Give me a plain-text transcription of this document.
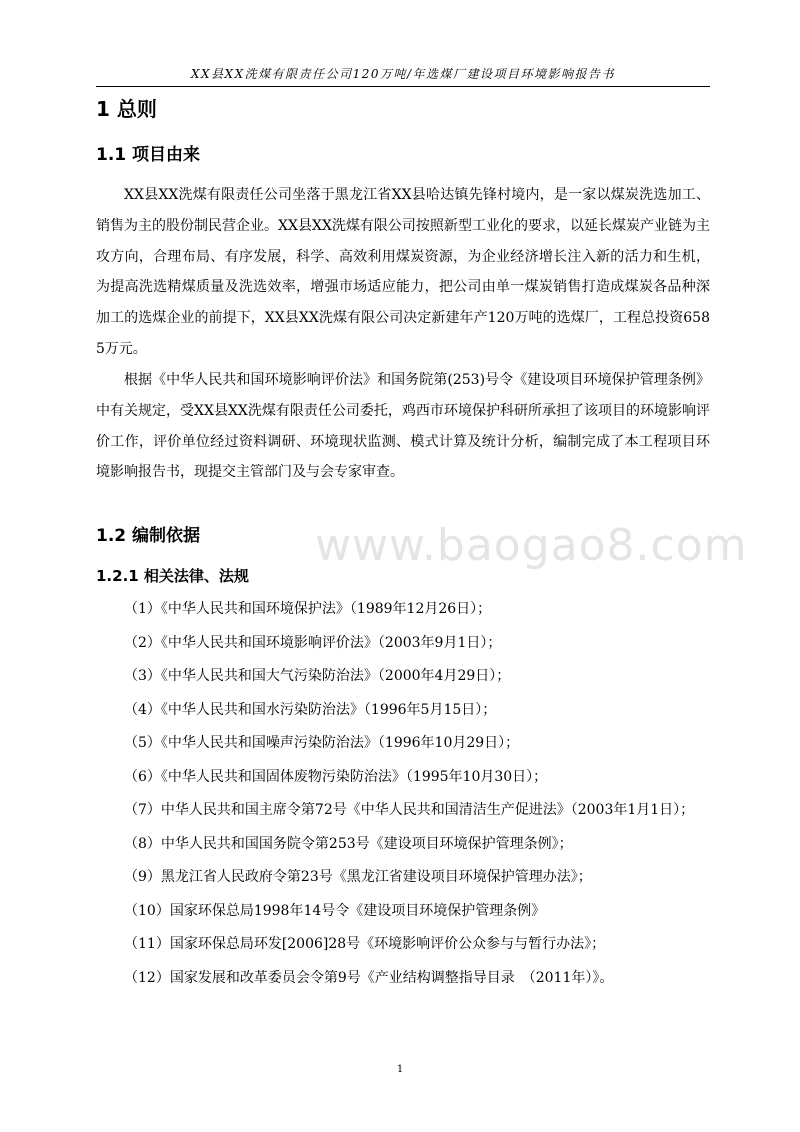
XX县XX洗煤有限责任公司120万吨/年选煤厂建设项目环境影响报告书
1 总则
1.1 项目由来

XX县XX洗煤有限责任公司坐落于黑龙江省XX县哈达镇先锋村境内，是一家以煤炭洗选加工、销售为主的股份制民营企业。XX县XX洗煤有限公司按照新型工业化的要求，以延长煤炭产业链为主攻方向，合理布局、有序发展，科学、高效利用煤炭资源，为企业经济增长注入新的活力和生机，为提高洗选精煤质量及洗选效率，增强市场适应能力，把公司由单一煤炭销售打造成煤炭各品种深加工的选煤企业的前提下，XX县XX洗煤有限公司决定新建年产120万吨的选煤厂，工程总投资6585万元。

根据《中华人民共和国环境影响评价法》和国务院第(253)号令《建设项目环境保护管理条例》中有关规定，受XX县XX洗煤有限责任公司委托，鸡西市环境保护科研所承担了该项目的环境影响评价工作，评价单位经过资料调研、环境现状监测、模式计算及统计分析，编制完成了本工程项目环境影响报告书，现提交主管部门及与会专家审查。

www.baogao8.com
1.2 编制依据
1.2.1 相关法律、法规
（1）《中华人民共和国环境保护法》（1989年12月26日）；
（2）《中华人民共和国环境影响评价法》（2003年9月1日）；
（3）《中华人民共和国大气污染防治法》（2000年4月29日）；
（4）《中华人民共和国水污染防治法》（1996年5月15日）；
（5）《中华人民共和国噪声污染防治法》（1996年10月29日）；
（6）《中华人民共和国固体废物污染防治法》（1995年10月30日）；
（7）中华人民共和国主席令第72号《中华人民共和国清洁生产促进法》（2003年1月1日）；
（8）中华人民共和国国务院令第253号《建设项目环境保护管理条例》；
（9）黑龙江省人民政府令第23号《黑龙江省建设项目环境保护管理办法》；
（10）国家环保总局1998年14号令《建设项目环境保护管理条例》
（11）国家环保总局环发[2006]28号《环境影响评价公众参与与暂行办法》；
（12）国家发展和改革委员会令第9号《产业结构调整指导目录　（2011年）》。
1
